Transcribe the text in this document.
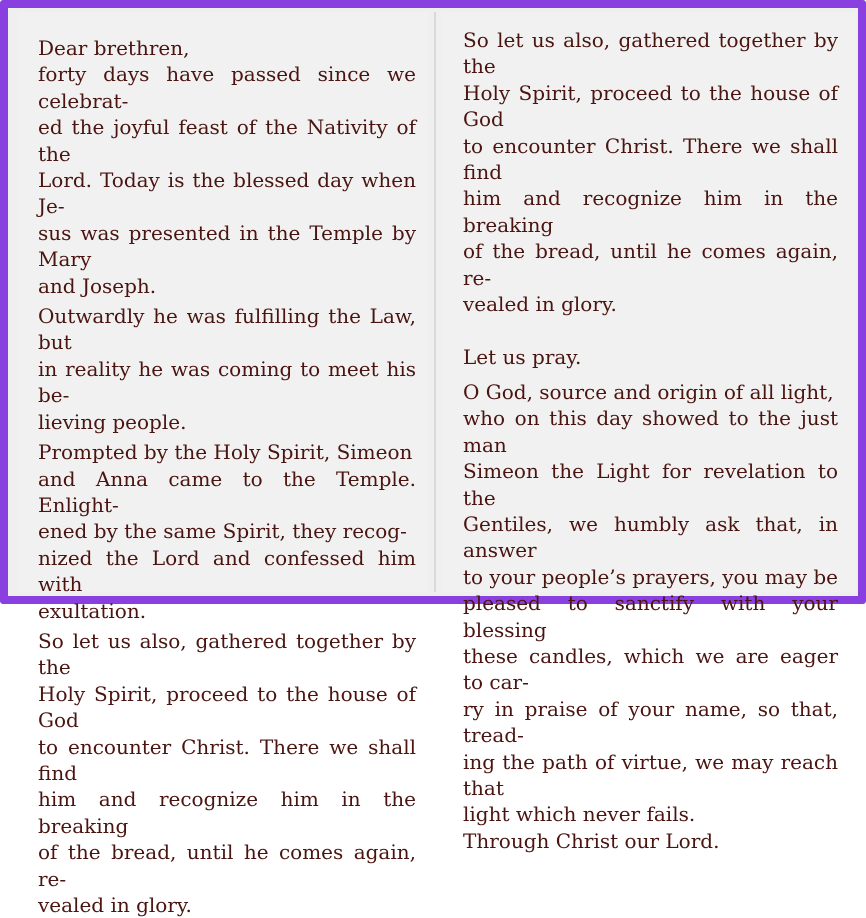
Dear brethren,

forty days have passed since we celebrat-
ed the joyful feast of the Nativity of the
Lord. Today is the blessed day when Je-
sus was presented in the Temple by Mary
and Joseph.

Outwardly he was fulfilling the Law, but
in reality he was coming to meet his be-
lieving people.

Prompted by the Holy Spirit, Simeon
and Anna came to the Temple. Enlight-
ened by the same Spirit, they recog-
nized the Lord and confessed him with
exultation.

So let us also, gathered together by the
Holy Spirit, proceed to the house of God
to encounter Christ. There we shall find
him and recognize him in the breaking
of the bread, until he comes again, re-
vealed in glory.

So let us also, gathered together by the
Holy Spirit, proceed to the house of God
to encounter Christ. There we shall find
him and recognize him in the breaking
of the bread, until he comes again, re-
vealed in glory.

Let us pray.

O God, source and origin of all light,
who on this day showed to the just man
Simeon the Light for revelation to the
Gentiles, we humbly ask that, in answer
to your people’s prayers, you may be
pleased to sanctify with your blessing
these candles, which we are eager to car-
ry in praise of your name, so that, tread-
ing the path of virtue, we may reach that
light which never fails.

Through Christ our Lord.
